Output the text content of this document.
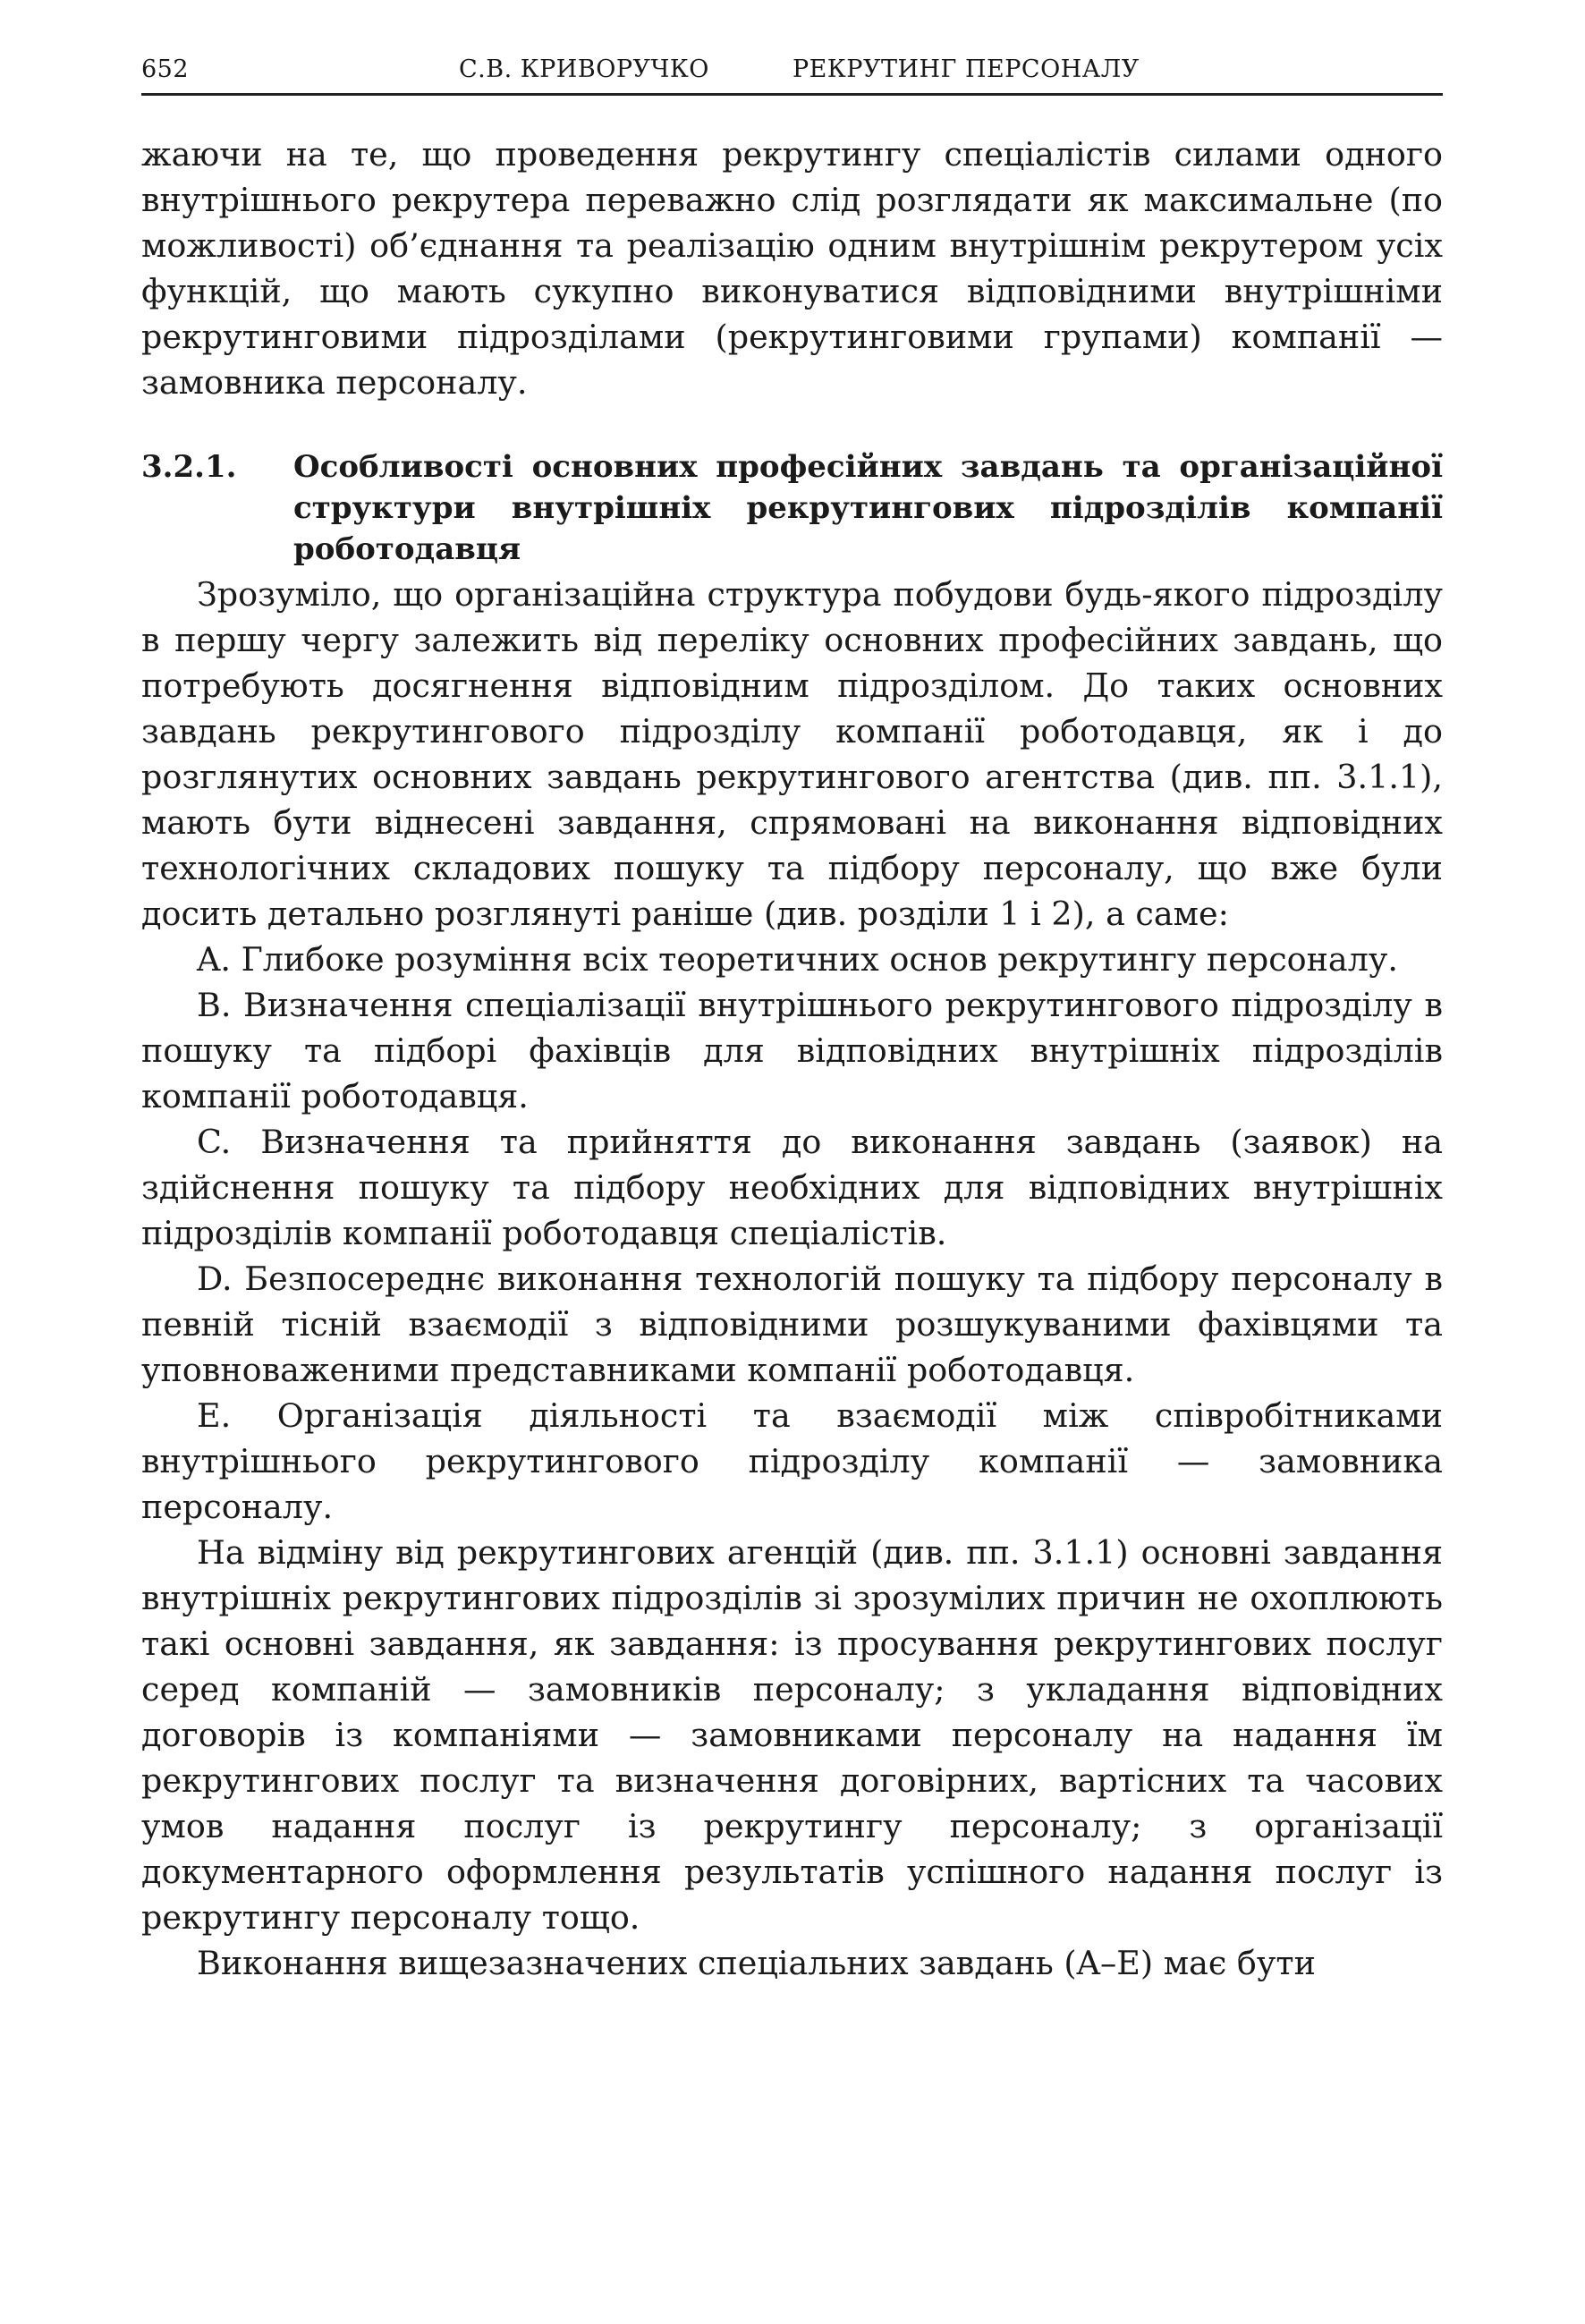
652	С.В. КРИВОРУЧКО	РЕКРУТИНГ ПЕРСОНАЛУ

жаючи на те, що проведення рекрутингу спеціалістів силами одного внутрішнього рекрутера переважно слід розглядати як максимальне (по можливості) об’єднання та реалізацію одним внутрішнім рекрутером усіх функцій, що мають сукупно виконуватися відповідними внутрішніми рекрутинговими підрозділами (рекрутинговими групами) компанії — замовника персоналу.

3.2.1.	Особливості основних професійних завдань та організаційної структури внутрішніх рекрутингових підрозділів компанії роботодавця

Зрозуміло, що організаційна структура побудови будь-якого підрозділу в першу чергу залежить від переліку основних професійних завдань, що потребують досягнення відповідним підрозділом. До таких основних завдань рекрутингового підрозділу компанії роботодавця, як і до розглянутих основних завдань рекрутингового агентства (див. пп. 3.1.1), мають бути віднесені завдання, спрямовані на виконання відповідних технологічних складових пошуку та підбору персоналу, що вже були досить детально розглянуті раніше (див. розділи 1 і 2), а саме:

A. Глибоке розуміння всіх теоретичних основ рекрутингу персоналу.

B. Визначення спеціалізації внутрішнього рекрутингового підрозділу в пошуку та підборі фахівців для відповідних внутрішніх підрозділів компанії роботодавця.

C. Визначення та прийняття до виконання завдань (заявок) на здійснення пошуку та підбору необхідних для відповідних внутрішніх підрозділів компанії роботодавця спеціалістів.

D. Безпосереднє виконання технологій пошуку та підбору персоналу в певній тісній взаємодії з відповідними розшукуваними фахівцями та уповноваженими представниками компанії роботодавця.

E. Організація діяльності та взаємодії між співробітниками внутрішнього рекрутингового підрозділу компанії — замовника персоналу.

На відміну від рекрутингових агенцій (див. пп. 3.1.1) основні завдання внутрішніх рекрутингових підрозділів зі зрозумілих причин не охоплюють такі основні завдання, як завдання: із просування рекрутингових послуг серед компаній — замовників персоналу; з укладання відповідних договорів із компаніями — замовниками персоналу на надання їм рекрутингових послуг та визначення договірних, вартісних та часових умов надання послуг із рекрутингу персоналу; з організації документарного оформлення результатів успішного надання послуг із рекрутингу персоналу тощо.

Виконання вищезазначених спеціальних завдань (A–E) має бути
